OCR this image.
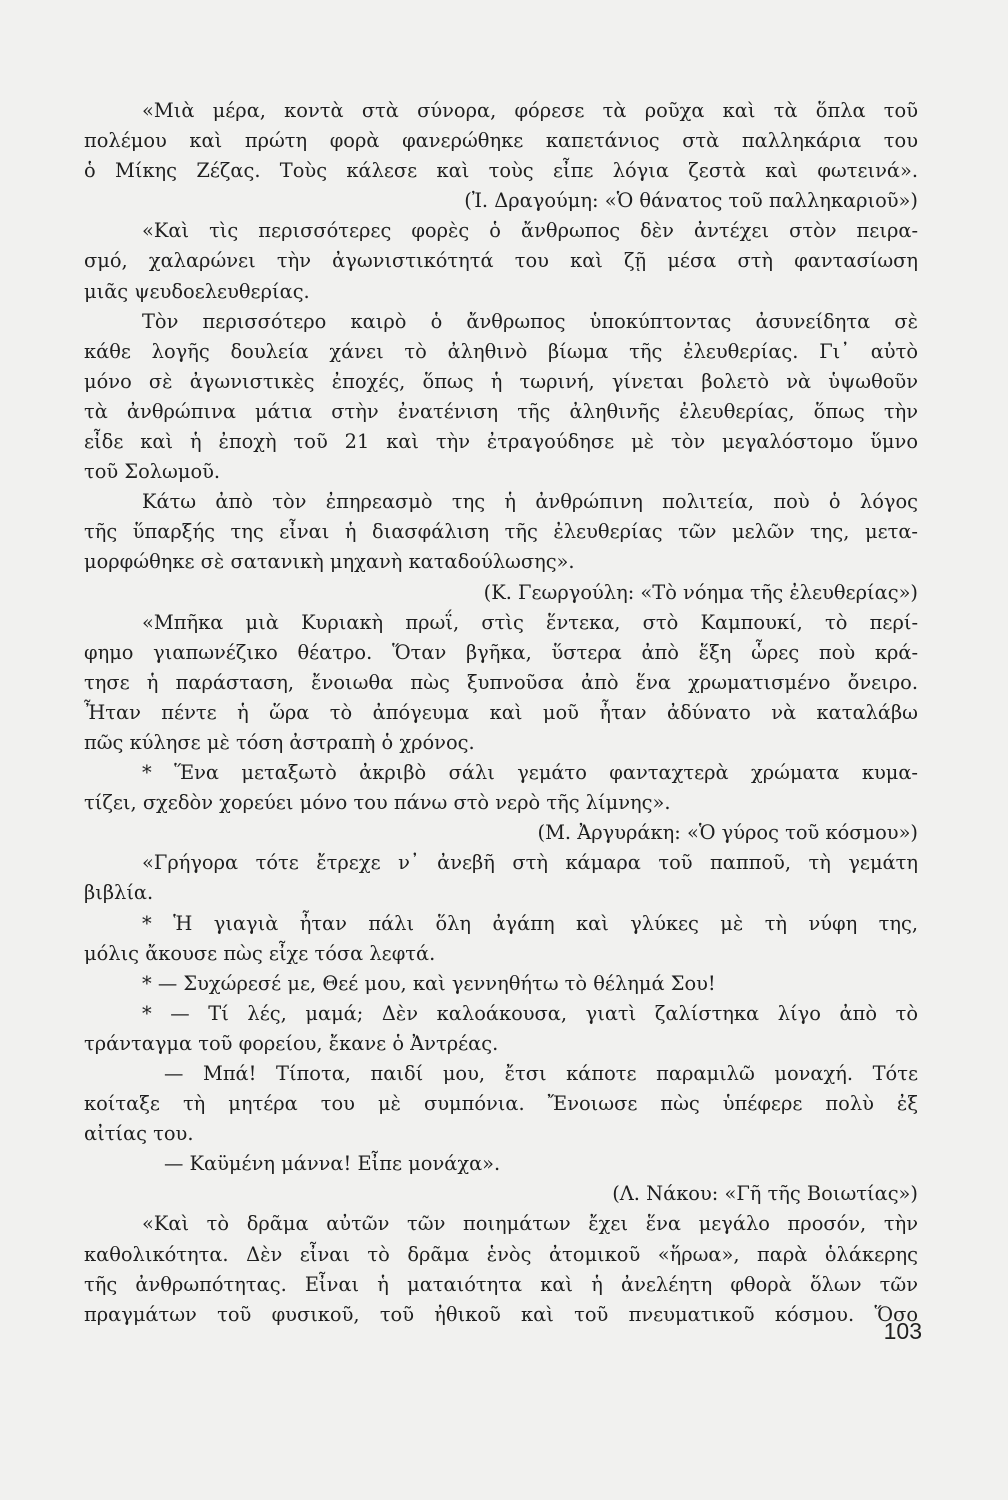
«Μιὰ μέρα, κοντὰ στὰ σύνορα, φόρεσε τὰ ροῦχα καὶ τὰ ὅπλα τοῦ
πολέμου καὶ πρώτη φορὰ φανερώθηκε καπετάνιος στὰ παλληκάρια του
ὁ Μίκης Ζέζας. Τοὺς κάλεσε καὶ τοὺς εἶπε λόγια ζεστὰ καὶ φωτεινά».
(Ἰ. Δραγούμη: «Ὁ θάνατος τοῦ παλληκαριοῦ»)
«Καὶ τὶς περισσότερες φορὲς ὁ ἄνθρωπος δὲν ἀντέχει στὸν πειρα-
σμό, χαλαρώνει τὴν ἀγωνιστικότητά του καὶ ζῇ μέσα στὴ φαντασίωση
μιᾶς ψευδοελευθερίας.
Τὸν περισσότερο καιρὸ ὁ ἄνθρωπος ὑποκύπτοντας ἀσυνείδητα σὲ
κάθε λογῆς δουλεία χάνει τὸ ἀληθινὸ βίωμα τῆς ἐλευθερίας. Γι᾽ αὐτὸ
μόνο σὲ ἀγωνιστικὲς ἐποχές, ὅπως ἡ τωρινή, γίνεται βολετὸ νὰ ὑψωθοῦν
τὰ ἀνθρώπινα μάτια στὴν ἐνατένιση τῆς ἀληθινῆς ἐλευθερίας, ὅπως τὴν
εἶδε καὶ ἡ ἐποχὴ τοῦ 21 καὶ τὴν ἐτραγούδησε μὲ τὸν μεγαλόστομο ὕμνο
τοῦ Σολωμοῦ.
Κάτω ἀπὸ τὸν ἐπηρεασμὸ της ἡ ἀνθρώπινη πολιτεία, ποὺ ὁ λόγος
τῆς ὕπαρξής της εἶναι ἡ διασφάλιση τῆς ἐλευθερίας τῶν μελῶν της, μετα-
μορφώθηκε σὲ σατανικὴ μηχανὴ καταδούλωσης».
(Κ. Γεωργούλη: «Τὸ νόημα τῆς ἐλευθερίας»)
«Μπῆκα μιὰ Κυριακὴ πρωΐ, στὶς ἕντεκα, στὸ Καμπουκί, τὸ περί-
φημο γιαπωνέζικο θέατρο. Ὅταν βγῆκα, ὕστερα ἀπὸ ἕξη ὧρες ποὺ κρά-
τησε ἡ παράσταση, ἔνοιωθα πὼς ξυπνοῦσα ἀπὸ ἕνα χρωματισμένο ὄνειρο.
Ἦταν πέντε ἡ ὥρα τὸ ἀπόγευμα καὶ μοῦ ἦταν ἀδύνατο νὰ καταλάβω
πῶς κύλησε μὲ τόση ἀστραπὴ ὁ χρόνος.
* Ἕνα μεταξωτὸ ἀκριβὸ σάλι γεμάτο φανταχτερὰ χρώματα κυμα-
τίζει, σχεδὸν χορεύει μόνο του πάνω στὸ νερὸ τῆς λίμνης».
(Μ. Ἀργυράκη: «Ὁ γύρος τοῦ κόσμου»)
«Γρήγορα τότε ἔτρεχε ν᾽ ἀνεβῆ στὴ κάμαρα τοῦ παπποῦ, τὴ γεμάτη
βιβλία.
* Ἡ γιαγιὰ ἦταν πάλι ὅλη ἀγάπη καὶ γλύκες μὲ τὴ νύφη της,
μόλις ἄκουσε πὼς εἶχε τόσα λεφτά.
* — Συχώρεσέ με, Θεέ μου, καὶ γεννηθήτω τὸ θέλημά Σου!
* — Τί λές, μαμά; Δὲν καλοάκουσα, γιατὶ ζαλίστηκα λίγο ἀπὸ τὸ
τράνταγμα τοῦ φορείου, ἔκανε ὁ Ἀντρέας.
— Μπά! Τίποτα, παιδί μου, ἔτσι κάποτε παραμιλῶ μοναχή. Τότε
κοίταξε τὴ μητέρα του μὲ συμπόνια. Ἔνοιωσε πὼς ὑπέφερε πολὺ ἐξ
αἰτίας του.
— Καϋμένη μάννα! Εἶπε μονάχα».
(Λ. Νάκου: «Γῆ τῆς Βοιωτίας»)
«Καὶ τὸ δρᾶμα αὐτῶν τῶν ποιημάτων ἔχει ἕνα μεγάλο προσόν, τὴν
καθολικότητα. Δὲν εἶναι τὸ δρᾶμα ἑνὸς ἀτομικοῦ «ἥρωα», παρὰ ὁλάκερης
τῆς ἀνθρωπότητας. Εἶναι ἡ ματαιότητα καὶ ἡ ἀνελέητη φθορὰ ὅλων τῶν
πραγμάτων τοῦ φυσικοῦ, τοῦ ἠθικοῦ καὶ τοῦ πνευματικοῦ κόσμου. Ὅσο
103
